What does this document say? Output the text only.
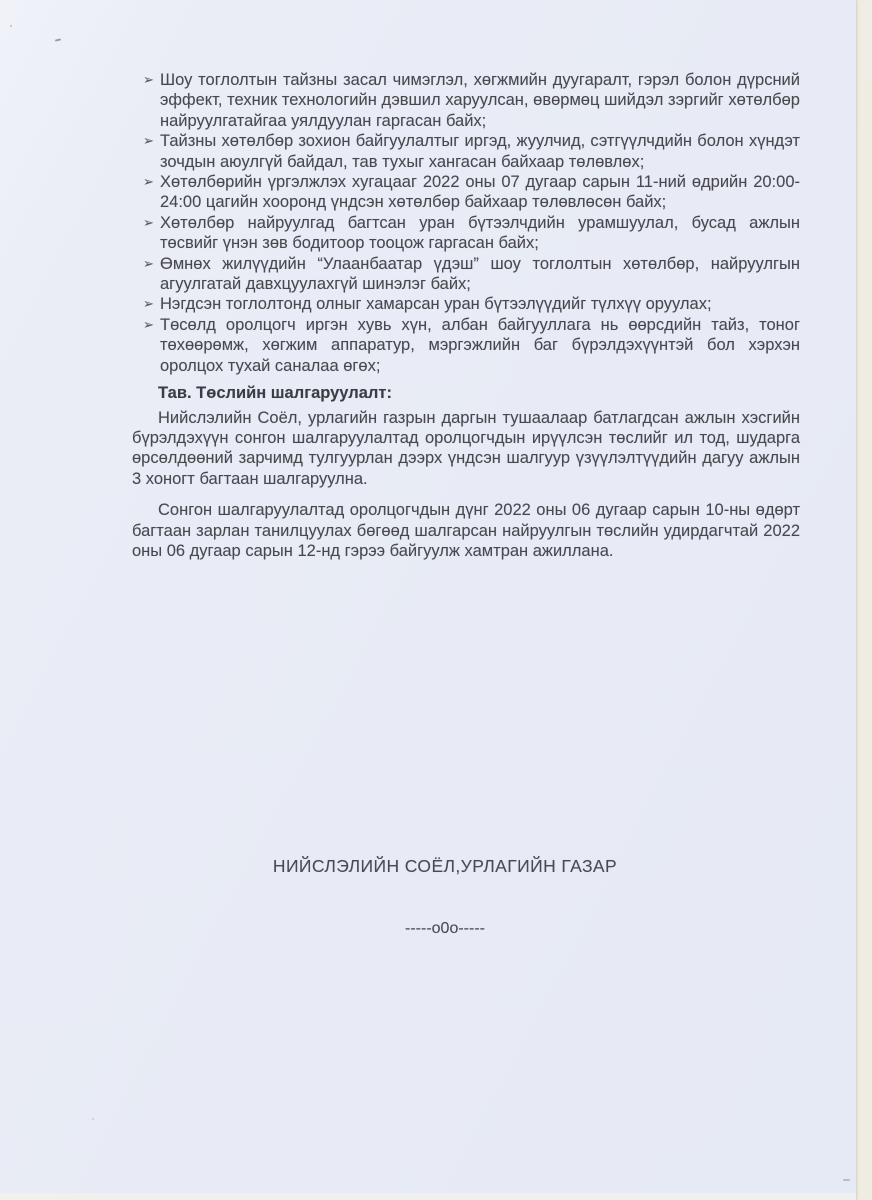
➢ Шоу тоглолтын тайзны засал чимэглэл, хөгжмийн дуугаралт, гэрэл болон дүрсний эффект, техник технологийн дэвшил харуулсан, өвөрмөц шийдэл зэргийг хөтөлбөр найруулгатайгаа уялдуулан гаргасан байх;
➢ Тайзны хөтөлбөр зохион байгуулалтыг иргэд, жуулчид, сэтгүүлчдийн болон хүндэт зочдын аюулгүй байдал, тав тухыг хангасан байхаар төлөвлөх;
➢ Хөтөлбөрийн үргэлжлэх хугацааг 2022 оны 07 дугаар сарын 11-ний өдрийн 20:00-24:00 цагийн хооронд үндсэн хөтөлбөр байхаар төлөвлөсөн байх;
➢ Хөтөлбөр найруулгад багтсан уран бүтээлчдийн урамшуулал, бусад ажлын төсвийг үнэн зөв бодитоор тооцож гаргасан байх;
➢ Өмнөх жилүүдийн “Улаанбаатар үдэш” шоу тоглолтын хөтөлбөр, найруулгын агуулгатай давхцуулахгүй шинэлэг байх;
➢ Нэгдсэн тоглолтонд олныг хамарсан уран бүтээлүүдийг түлхүү оруулах;
➢ Төсөлд оролцогч иргэн хувь хүн, албан байгууллага нь өөрсдийн тайз, тоног төхөөрөмж, хөгжим аппаратур, мэргэжлийн баг бүрэлдэхүүнтэй бол хэрхэн оролцох тухай саналаа өгөх;
Тав. Төслийн шалгаруулалт:

Нийслэлийн Соёл, урлагийн газрын даргын тушаалаар батлагдсан ажлын хэсгийн бүрэлдэхүүн сонгон шалгаруулалтад оролцогчдын ирүүлсэн төслийг ил тод, шударга өрсөлдөөний зарчимд тулгуурлан дээрх үндсэн шалгуур үзүүлэлтүүдийн дагуу ажлын 3 хоногт багтаан шалгаруулна.

Сонгон шалгаруулалтад оролцогчдын дүнг 2022 оны 06 дугаар сарын 10-ны өдөрт багтаан зарлан танилцуулах бөгөөд шалгарсан найруулгын төслийн удирдагчтай 2022 оны 06 дугаар сарын 12-нд гэрээ байгуулж хамтран ажиллана.

НИЙСЛЭЛИЙН СОЁЛ,УРЛАГИЙН ГАЗАР
-----о0о-----
